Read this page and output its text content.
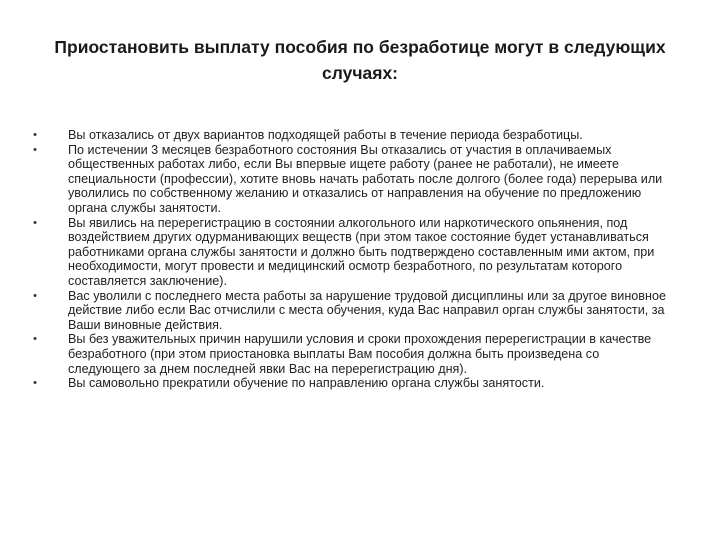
Приостановить выплату пособия по безработице могут в следующих случаях:
• Вы отказались от двух вариантов подходящей работы в течение периода безработицы.
• По истечении 3 месяцев безработного состояния Вы отказались от участия в оплачиваемых общественных работах либо, если Вы впервые ищете работу (ранее не работали), не имеете специальности (профессии), хотите вновь начать работать после долгого (более года) перерыва или уволились по собственному желанию и отказались от направления на обучение по предложению органа службы занятости.
• Вы явились на перерегистрацию в состоянии алкогольного или наркотического опьянения, под воздействием других одурманивающих веществ (при этом такое состояние будет устанавливаться работниками органа службы занятости и должно быть подтверждено составленным ими актом, при необходимости, могут провести и медицинский осмотр безработного, по результатам которого составляется заключение).
• Вас уволили с последнего места работы за нарушение трудовой дисциплины или за другое виновное действие либо если Вас отчислили с места обучения, куда Вас направил орган службы занятости, за Ваши виновные действия.
• Вы без уважительных причин нарушили условия и сроки прохождения перерегистрации в качестве безработного (при этом приостановка выплаты Вам пособия должна быть произведена со следующего за днем последней явки Вас на перерегистрацию дня).
• Вы самовольно прекратили обучение по направлению органа службы занятости.
